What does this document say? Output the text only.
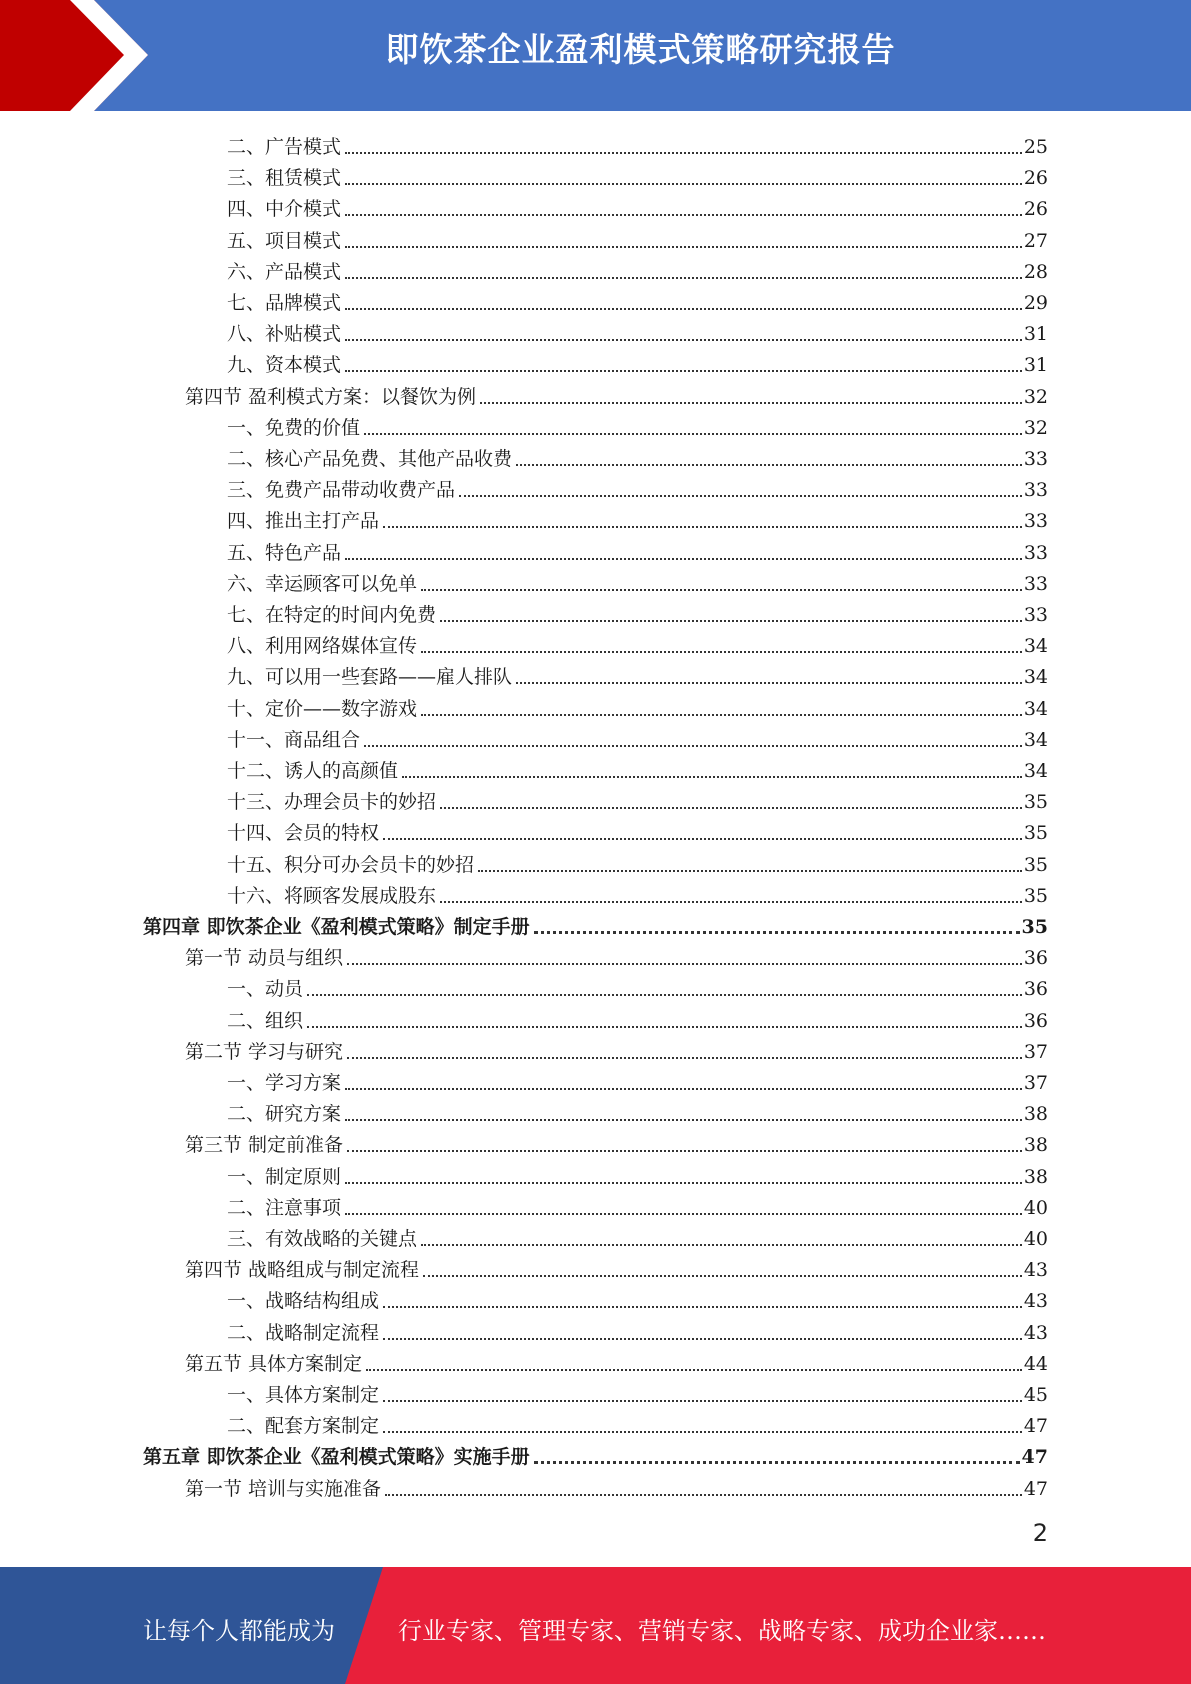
即饮茶企业盈利模式策略研究报告
二、广告模式	25
三、租赁模式	26
四、中介模式	26
五、项目模式	27
六、产品模式	28
七、品牌模式	29
八、补贴模式	31
九、资本模式	31
第四节 盈利模式方案：以餐饮为例	32
一、免费的价值	32
二、核心产品免费、其他产品收费	33
三、免费产品带动收费产品	33
四、推出主打产品	33
五、特色产品	33
六、幸运顾客可以免单	33
七、在特定的时间内免费	33
八、利用网络媒体宣传	34
九、可以用一些套路——雇人排队	34
十、定价——数字游戏	34
十一、商品组合	34
十二、诱人的高颜值	34
十三、办理会员卡的妙招	35
十四、会员的特权	35
十五、积分可办会员卡的妙招	35
十六、将顾客发展成股东	35
第四章 即饮茶企业《盈利模式策略》制定手册	35
第一节 动员与组织	36
一、动员	36
二、组织	36
第二节 学习与研究	37
一、学习方案	37
二、研究方案	38
第三节 制定前准备	38
一、制定原则	38
二、注意事项	40
三、有效战略的关键点	40
第四节 战略组成与制定流程	43
一、战略结构组成	43
二、战略制定流程	43
第五节 具体方案制定	44
一、具体方案制定	45
二、配套方案制定	47
第五章 即饮茶企业《盈利模式策略》实施手册	47
第一节 培训与实施准备	47
2
让每个人都能成为	行业专家、管理专家、营销专家、战略专家、成功企业家……
